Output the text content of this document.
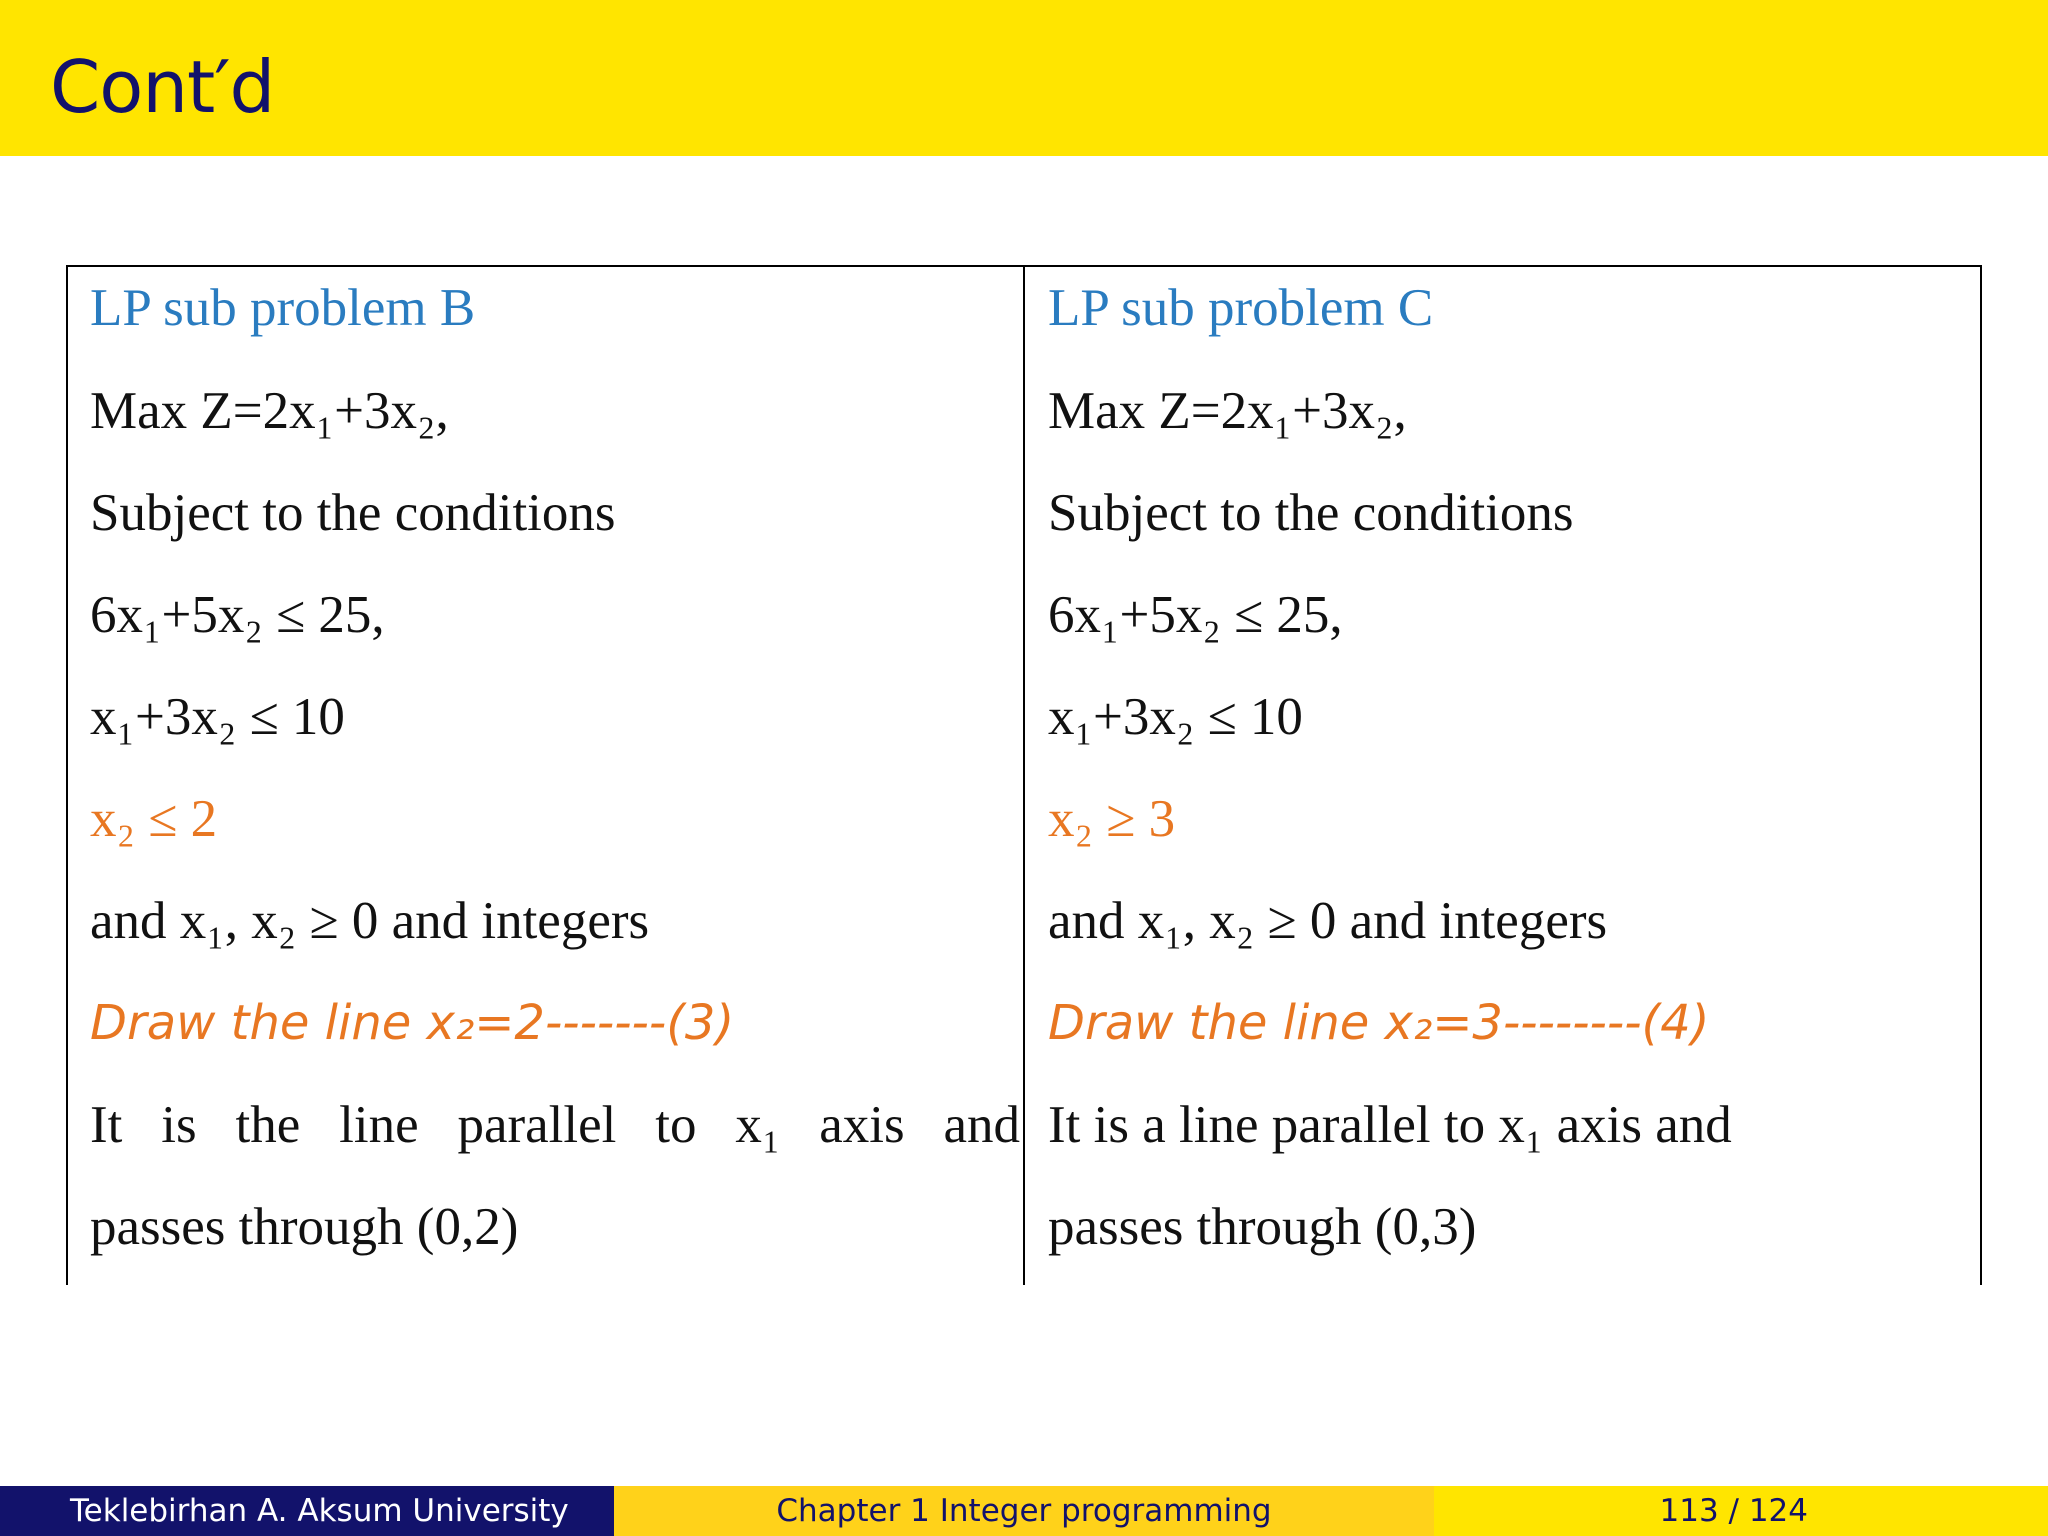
Cont′d
LP sub problem B
Max Z=2x₁+3x₂,
Subject to the conditions
6x₁+5x₂ ≤ 25,
x₁+3x₂ ≤ 10
x₂ ≤ 2
and x₁, x₂ ≥ 0 and integers
Draw the line x₂=2-------(3)
It is the line parallel to x₁ axis and
passes through (0,2)
LP sub problem C
Max Z=2x₁+3x₂,
Subject to the conditions
6x₁+5x₂ ≤ 25,
x₁+3x₂ ≤ 10
x₂ ≥ 3
and x₁, x₂ ≥ 0 and integers
Draw the line x₂=3--------(4)
It is a line parallel to x₁ axis and
passes through (0,3)
Teklebirhan A. Aksum University	Chapter 1 Integer programming	113 / 124
